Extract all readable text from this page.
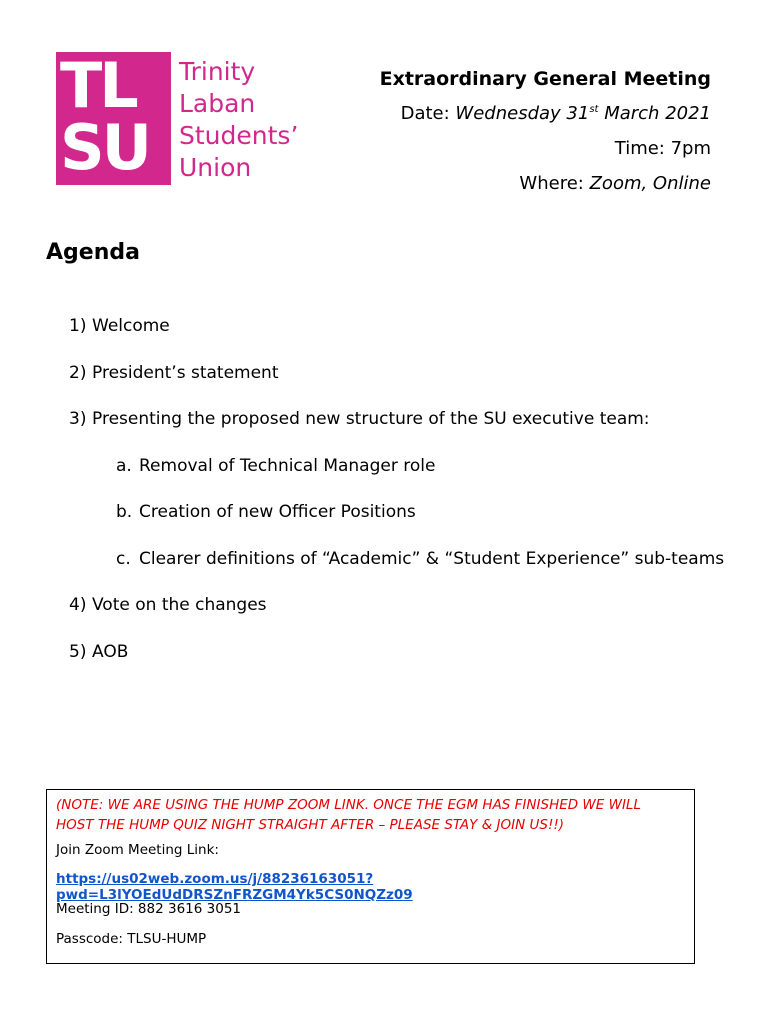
TL
SU
Trinity
Laban
Students’
Union
Extraordinary General Meeting
Date: Wednesday 31st March 2021
Time: 7pm
Where: Zoom, Online
Agenda
1) Welcome
2) President’s statement
3) Presenting the proposed new structure of the SU executive team:
a. Removal of Technical Manager role
b. Creation of new Officer Positions
c. Clearer definitions of “Academic” & “Student Experience” sub-teams
4) Vote on the changes
5) AOB
(NOTE: WE ARE USING THE HUMP ZOOM LINK. ONCE THE EGM HAS FINISHED WE WILL HOST THE HUMP QUIZ NIGHT STRAIGHT AFTER – PLEASE STAY & JOIN US!!)
Join Zoom Meeting Link:
https://us02web.zoom.us/j/88236163051?pwd=L3lYOEdUdDRSZnFRZGM4Yk5CS0NQZz09
Meeting ID: 882 3616 3051
Passcode: TLSU-HUMP
